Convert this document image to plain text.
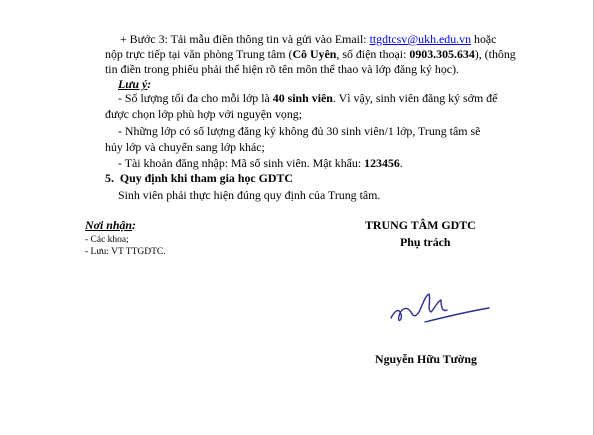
+ Bước 3: Tải mẫu điền thông tin và gửi vào Email: ttgdtcsv@ukh.edu.vn hoặc
nộp trực tiếp tại văn phòng Trung tâm (Cô Uyên, số điện thoại: 0903.305.634), (thông
tin điền trong phiếu phải thể hiện rõ tên môn thể thao và lớp đăng ký học).
Lưu ý:
- Số lượng tối đa cho mỗi lớp là 40 sinh viên. Vì vậy, sinh viên đăng ký sớm để
được chọn lớp phù hợp với nguyện vọng;
- Những lớp có số lượng đăng ký không đủ 30 sinh viên/1 lớp, Trung tâm sẽ
hủy lớp và chuyển sang lớp khác;
- Tài khoản đăng nhập: Mã số sinh viên. Mật khẩu: 123456.
5. Quy định khi tham gia học GDTC
Sinh viên phải thực hiện đúng quy định của Trung tâm.
Nơi nhận:
- Các khoa;
- Lưu: VT TTGDTC.
TRUNG TÂM GDTC
Phụ trách
Nguyễn Hữu Tường
